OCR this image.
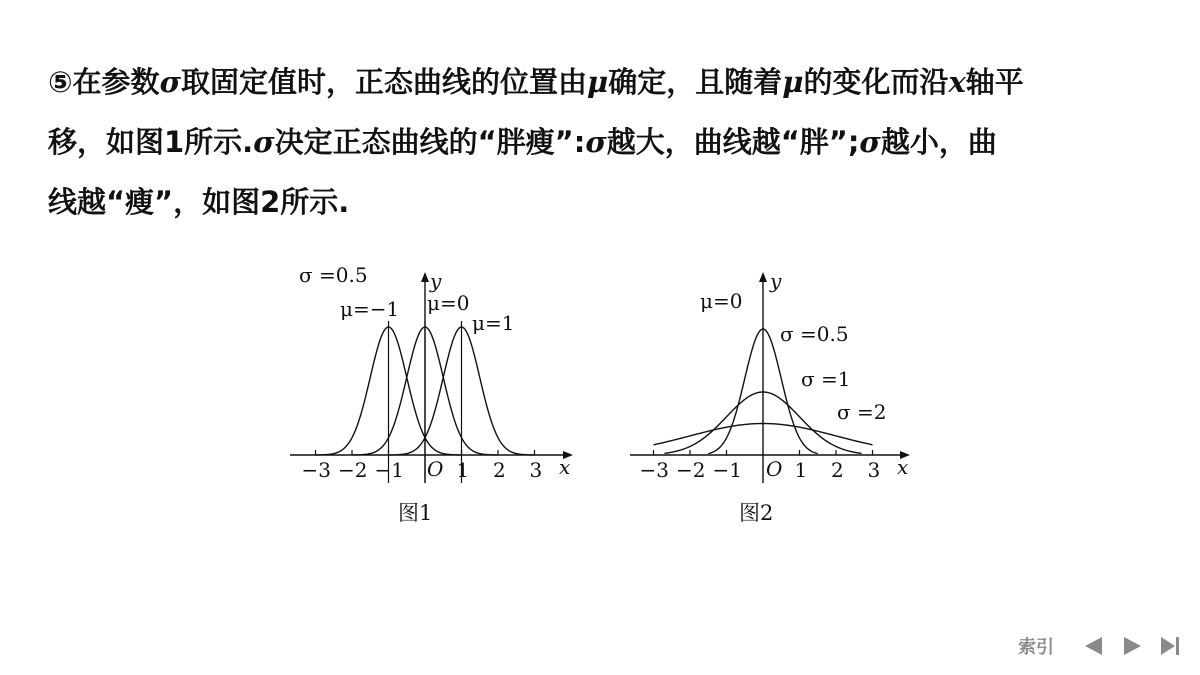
⑤在参数σ取固定值时，正态曲线的位置由μ确定，且随着μ的变化而沿x轴平
移，如图1所示.σ决定正态曲线的“胖瘦”:σ越大，曲线越“胖”;σ越小，曲
线越“瘦”，如图2所示.
−3 −2 −1	1 2 3 x
y
O
σ =0.5
μ=−1 μ=0
μ=1
图1
−3 −2 −1	1 2 3 x
y
O
μ=0
σ =0.5
σ =1
σ =2
图2
索引
